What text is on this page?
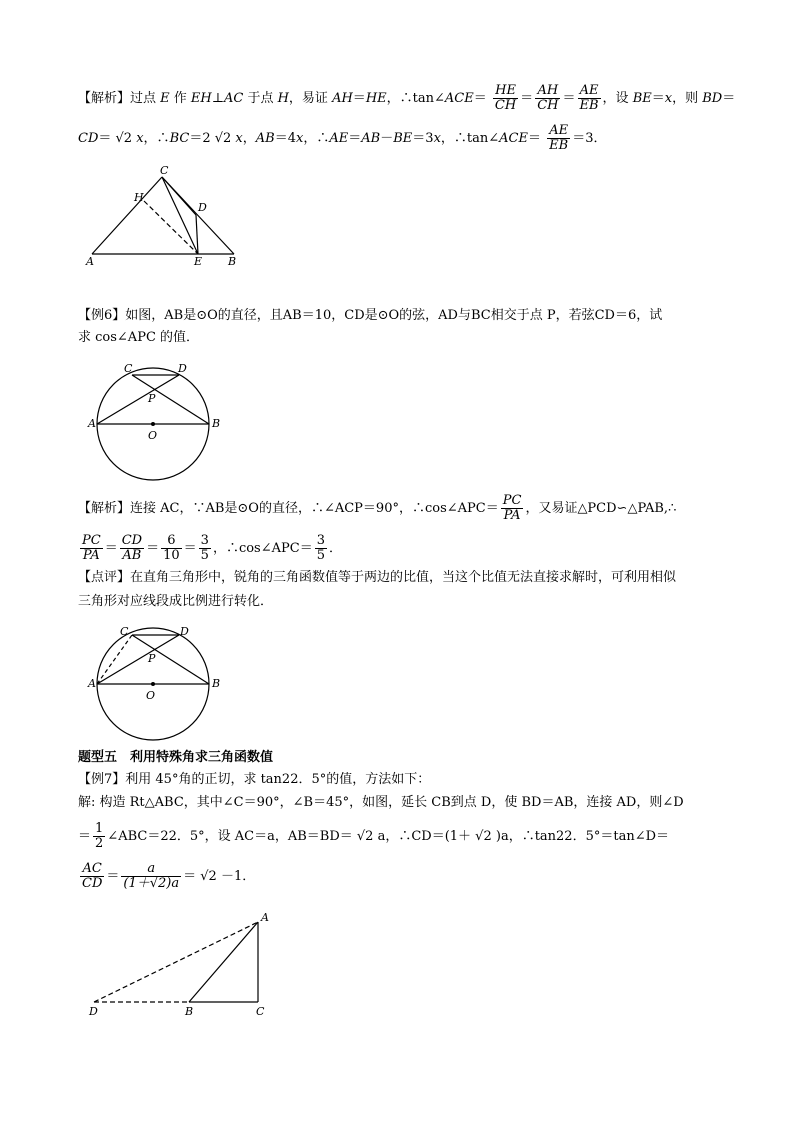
【解析】过点 E 作 EH⊥AC 于点 H，易证 AH＝HE，∴tan∠ACE＝ $\frac{HE}{CH} = \frac{AH}{CH} = \frac{AE}{EB}$ ，设 BE＝x，则 BD＝
CD＝ √2 x，∴BC＝2 √2 x，AB＝4x，∴AE＝AB－BE＝3x，∴tan∠ACE＝ $\frac{AE}{EB} =3$．
C
H
D
A	E B
【例6】如图，AB是⊙O的直径，且AB＝10，CD是⊙O的弦，AD与BC相交于点 P，若弦CD＝6，试
求 cos∠APC 的值．
C	D
P
A
O
B
【解析】连接 AC，∵AB是⊙O的直径，∴∠ACP＝90°，∴cos∠APC＝ $\frac{PC}{PA}$ ，又易证△PCD∽△PAB,∴
$\frac{PC}{PA} = \frac{CD}{AB} = \frac{6}{10} = \frac{3}{5}$ ，∴cos∠APC＝ $\frac{3}{5}$ ．
【点评】在直角三角形中，锐角的三角函数值等于两边的比值，当这个比值无法直接求解时，可利用相似
三角形对应线段成比例进行转化．
C	D
P
A
O
B
题型五　利用特殊角求三角函数值
【例7】利用 45°角的正切，求 tan22．5°的值，方法如下：
解: 构造 Rt△ABC，其中∠C＝90°，∠B＝45°，如图，延长 CB到点 D，使 BD＝AB，连接 AD，则∠D
＝ $\frac{1}{2}$ ∠ABC＝22．5°，设 AC＝a，AB＝BD＝ √2 a，∴CD＝(1＋ √2 )a，∴tan22．5°＝tan∠D＝
$\frac{AC}{CD} = \frac{a}{(1+√2)a} = √2 -1$．
A
D	B	C
